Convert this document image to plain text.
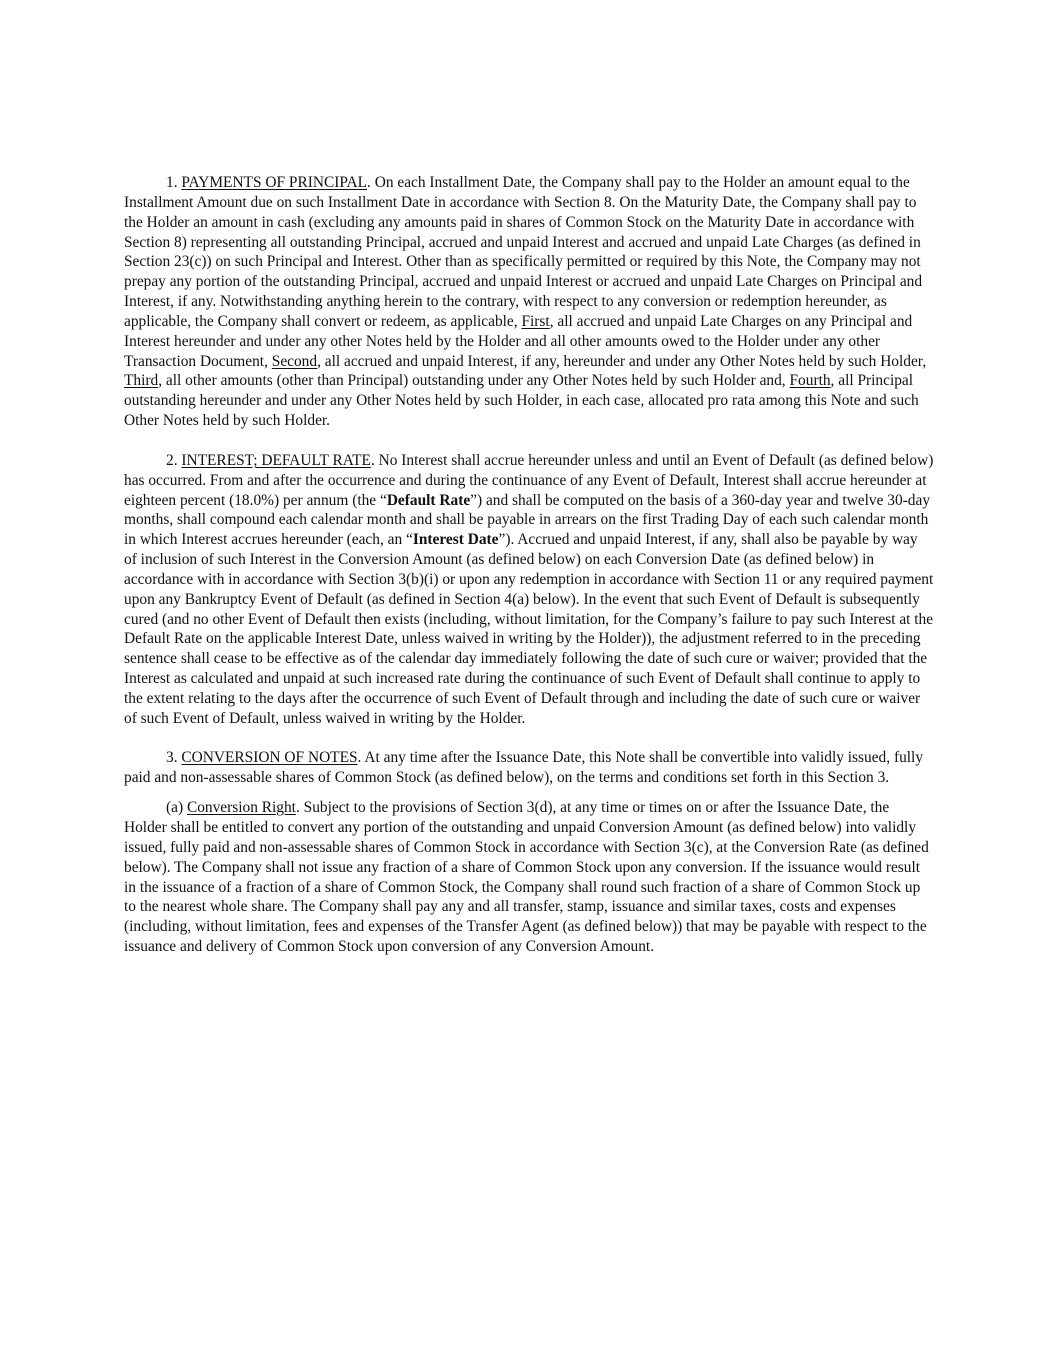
1. PAYMENTS OF PRINCIPAL. On each Installment Date, the Company shall pay to the Holder an amount equal to the Installment Amount due on such Installment Date in accordance with Section 8. On the Maturity Date, the Company shall pay to the Holder an amount in cash (excluding any amounts paid in shares of Common Stock on the Maturity Date in accordance with Section 8) representing all outstanding Principal, accrued and unpaid Interest and accrued and unpaid Late Charges (as defined in Section 23(c)) on such Principal and Interest. Other than as specifically permitted or required by this Note, the Company may not prepay any portion of the outstanding Principal, accrued and unpaid Interest or accrued and unpaid Late Charges on Principal and Interest, if any. Notwithstanding anything herein to the contrary, with respect to any conversion or redemption hereunder, as applicable, the Company shall convert or redeem, as applicable, First, all accrued and unpaid Late Charges on any Principal and Interest hereunder and under any other Notes held by the Holder and all other amounts owed to the Holder under any other Transaction Document, Second, all accrued and unpaid Interest, if any, hereunder and under any Other Notes held by such Holder, Third, all other amounts (other than Principal) outstanding under any Other Notes held by such Holder and, Fourth, all Principal outstanding hereunder and under any Other Notes held by such Holder, in each case, allocated pro rata among this Note and such Other Notes held by such Holder.

2. INTEREST; DEFAULT RATE. No Interest shall accrue hereunder unless and until an Event of Default (as defined below) has occurred. From and after the occurrence and during the continuance of any Event of Default, Interest shall accrue hereunder at eighteen percent (18.0%) per annum (the “Default Rate”) and shall be computed on the basis of a 360-day year and twelve 30-day months, shall compound each calendar month and shall be payable in arrears on the first Trading Day of each such calendar month in which Interest accrues hereunder (each, an “Interest Date”). Accrued and unpaid Interest, if any, shall also be payable by way of inclusion of such Interest in the Conversion Amount (as defined below) on each Conversion Date (as defined below) in accordance with in accordance with Section 3(b)(i) or upon any redemption in accordance with Section 11 or any required payment upon any Bankruptcy Event of Default (as defined in Section 4(a) below). In the event that such Event of Default is subsequently cured (and no other Event of Default then exists (including, without limitation, for the Company’s failure to pay such Interest at the Default Rate on the applicable Interest Date, unless waived in writing by the Holder)), the adjustment referred to in the preceding sentence shall cease to be effective as of the calendar day immediately following the date of such cure or waiver; provided that the Interest as calculated and unpaid at such increased rate during the continuance of such Event of Default shall continue to apply to the extent relating to the days after the occurrence of such Event of Default through and including the date of such cure or waiver of such Event of Default, unless waived in writing by the Holder.

3. CONVERSION OF NOTES. At any time after the Issuance Date, this Note shall be convertible into validly issued, fully paid and non-assessable shares of Common Stock (as defined below), on the terms and conditions set forth in this Section 3.

(a) Conversion Right. Subject to the provisions of Section 3(d), at any time or times on or after the Issuance Date, the Holder shall be entitled to convert any portion of the outstanding and unpaid Conversion Amount (as defined below) into validly issued, fully paid and non-assessable shares of Common Stock in accordance with Section 3(c), at the Conversion Rate (as defined below). The Company shall not issue any fraction of a share of Common Stock upon any conversion. If the issuance would result in the issuance of a fraction of a share of Common Stock, the Company shall round such fraction of a share of Common Stock up to the nearest whole share. The Company shall pay any and all transfer, stamp, issuance and similar taxes, costs and expenses (including, without limitation, fees and expenses of the Transfer Agent (as defined below)) that may be payable with respect to the issuance and delivery of Common Stock upon conversion of any Conversion Amount.
